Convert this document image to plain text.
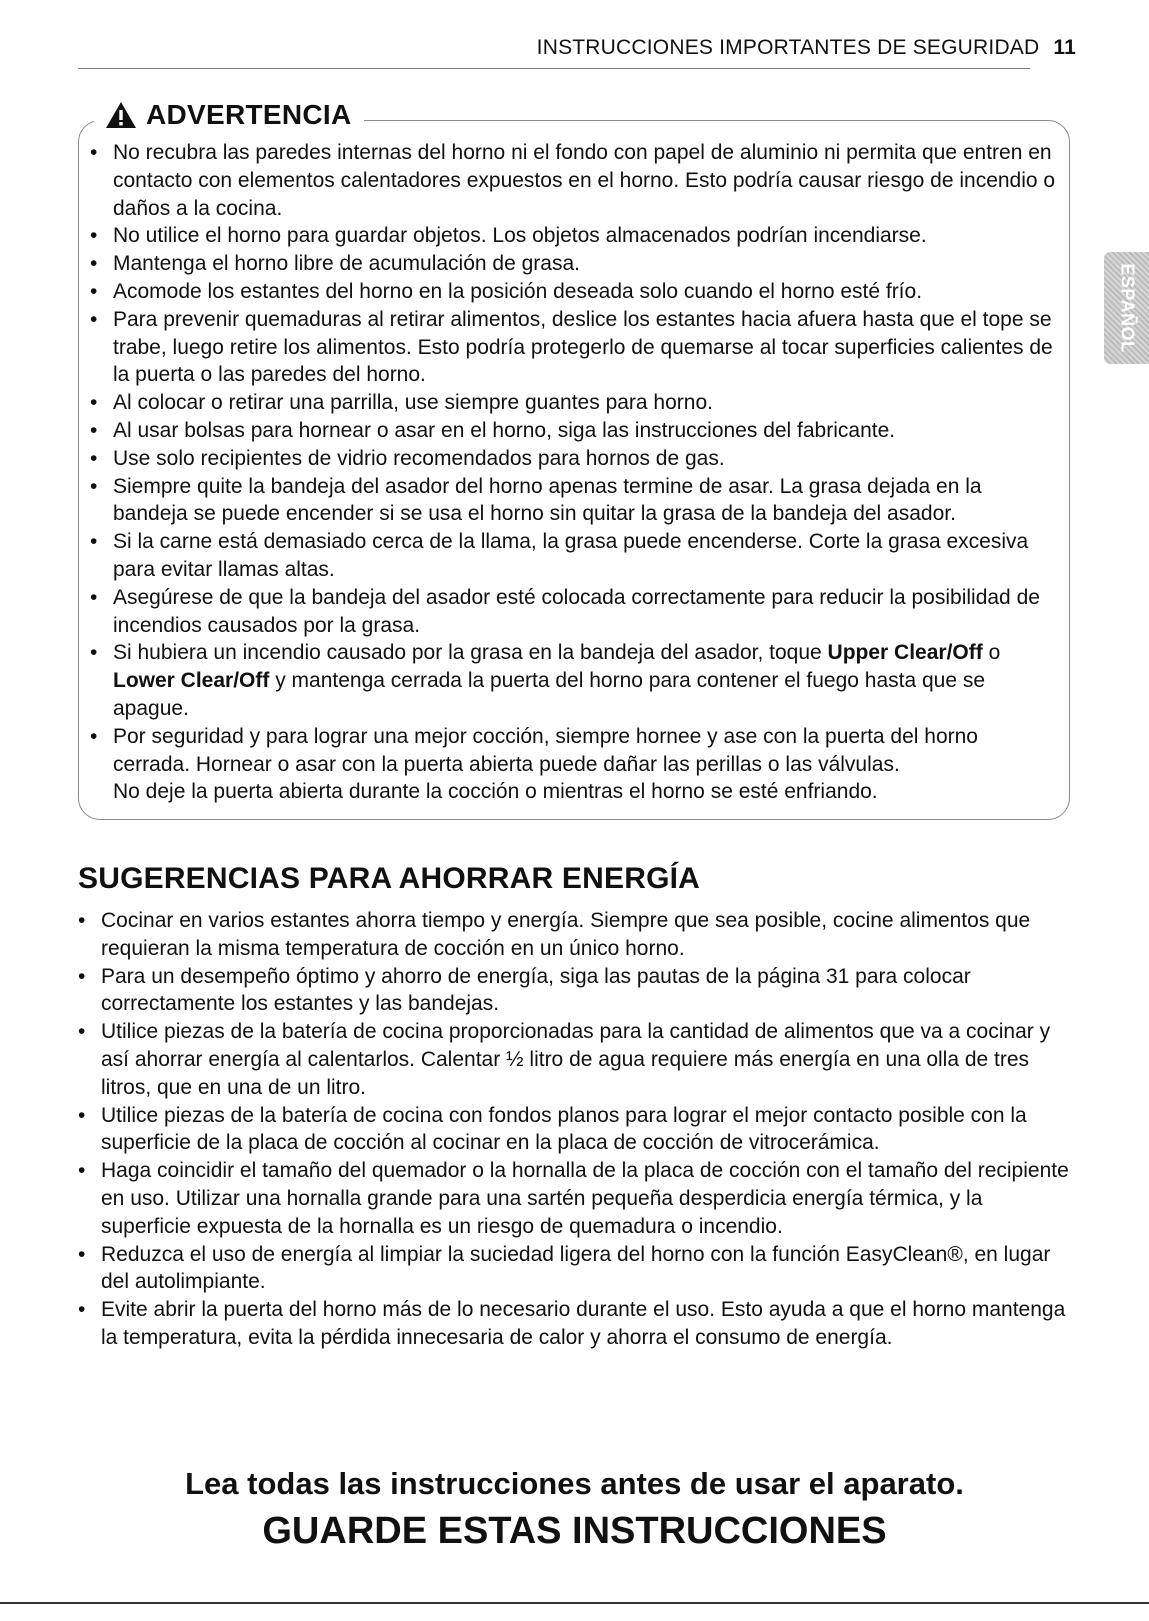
INSTRUCCIONES IMPORTANTES DE SEGURIDAD 11
ESPAÑOL
ADVERTENCIA
• No recubra las paredes internas del horno ni el fondo con papel de aluminio ni permita que entren en contacto con elementos calentadores expuestos en el horno. Esto podría causar riesgo de incendio o daños a la cocina.
• No utilice el horno para guardar objetos. Los objetos almacenados podrían incendiarse.
• Mantenga el horno libre de acumulación de grasa.
• Acomode los estantes del horno en la posición deseada solo cuando el horno esté frío.
• Para prevenir quemaduras al retirar alimentos, deslice los estantes hacia afuera hasta que el tope se trabe, luego retire los alimentos. Esto podría protegerlo de quemarse al tocar superficies calientes de la puerta o las paredes del horno.
• Al colocar o retirar una parrilla, use siempre guantes para horno.
• Al usar bolsas para hornear o asar en el horno, siga las instrucciones del fabricante.
• Use solo recipientes de vidrio recomendados para hornos de gas.
• Siempre quite la bandeja del asador del horno apenas termine de asar. La grasa dejada en la bandeja se puede encender si se usa el horno sin quitar la grasa de la bandeja del asador.
• Si la carne está demasiado cerca de la llama, la grasa puede encenderse. Corte la grasa excesiva para evitar llamas altas.
• Asegúrese de que la bandeja del asador esté colocada correctamente para reducir la posibilidad de incendios causados por la grasa.
• Si hubiera un incendio causado por la grasa en la bandeja del asador, toque Upper Clear/Off o Lower Clear/Off y mantenga cerrada la puerta del horno para contener el fuego hasta que se apague.
• Por seguridad y para lograr una mejor cocción, siempre hornee y ase con la puerta del horno cerrada. Hornear o asar con la puerta abierta puede dañar las perillas o las válvulas.
No deje la puerta abierta durante la cocción o mientras el horno se esté enfriando.
SUGERENCIAS PARA AHORRAR ENERGÍA
• Cocinar en varios estantes ahorra tiempo y energía. Siempre que sea posible, cocine alimentos que requieran la misma temperatura de cocción en un único horno.
• Para un desempeño óptimo y ahorro de energía, siga las pautas de la página 31 para colocar correctamente los estantes y las bandejas.
• Utilice piezas de la batería de cocina proporcionadas para la cantidad de alimentos que va a cocinar y así ahorrar energía al calentarlos. Calentar ½ litro de agua requiere más energía en una olla de tres litros, que en una de un litro.
• Utilice piezas de la batería de cocina con fondos planos para lograr el mejor contacto posible con la superficie de la placa de cocción al cocinar en la placa de cocción de vitrocerámica.
• Haga coincidir el tamaño del quemador o la hornalla de la placa de cocción con el tamaño del recipiente en uso. Utilizar una hornalla grande para una sartén pequeña desperdicia energía térmica, y la superficie expuesta de la hornalla es un riesgo de quemadura o incendio.
• Reduzca el uso de energía al limpiar la suciedad ligera del horno con la función EasyClean®, en lugar del autolimpiante.
• Evite abrir la puerta del horno más de lo necesario durante el uso. Esto ayuda a que el horno mantenga la temperatura, evita la pérdida innecesaria de calor y ahorra el consumo de energía.
Lea todas las instrucciones antes de usar el aparato.
GUARDE ESTAS INSTRUCCIONES
